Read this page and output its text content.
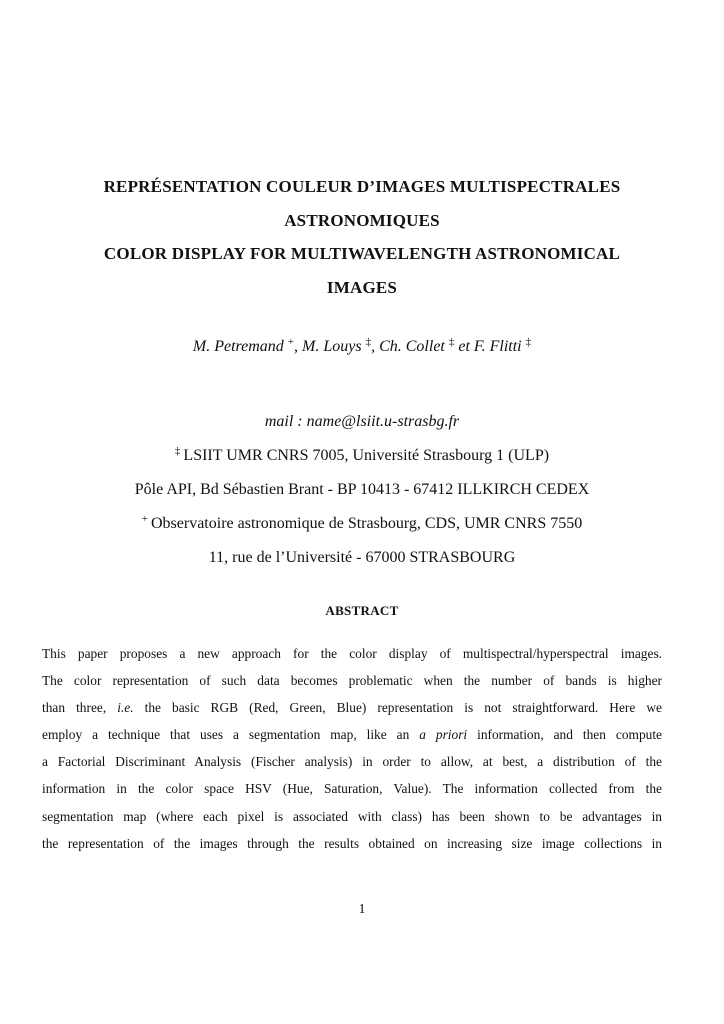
REPRÉSENTATION COULEUR D’IMAGES MULTISPECTRALES
ASTRONOMIQUES
COLOR DISPLAY FOR MULTIWAVELENGTH ASTRONOMICAL
IMAGES
M. Petremand +, M. Louys ‡, Ch. Collet ‡ et F. Flitti ‡
mail : name@lsiit.u-strasbg.fr
‡ LSIIT UMR CNRS 7005, Université Strasbourg 1 (ULP)
Pôle API, Bd Sébastien Brant - BP 10413 - 67412 ILLKIRCH CEDEX
+ Observatoire astronomique de Strasbourg, CDS, UMR CNRS 7550
11, rue de l’Université - 67000 STRASBOURG
ABSTRACT
This paper proposes a new approach for the color display of multispectral/hyperspectral images.
The color representation of such data becomes problematic when the number of bands is higher
than three, i.e. the basic RGB (Red, Green, Blue) representation is not straightforward. Here we
employ a technique that uses a segmentation map, like an a priori information, and then compute
a Factorial Discriminant Analysis (Fischer analysis) in order to allow, at best, a distribution of the
information in the color space HSV (Hue, Saturation, Value). The information collected from the
segmentation map (where each pixel is associated with class) has been shown to be advantages in
the representation of the images through the results obtained on increasing size image collections in
1
